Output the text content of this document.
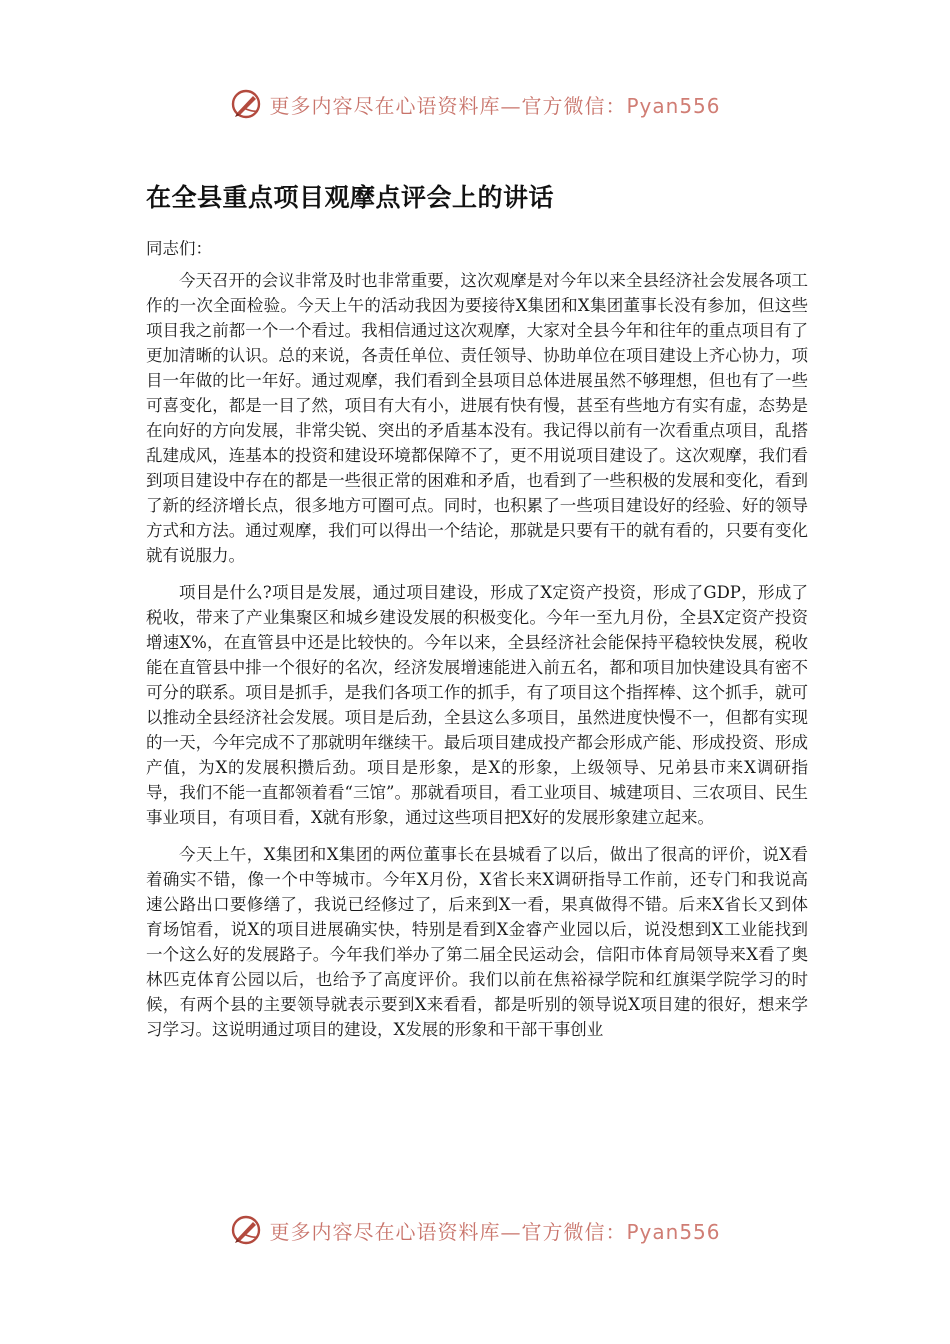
更多内容尽在心语资料库—官方微信：Pyan556
在全县重点项目观摩点评会上的讲话

同志们：

今天召开的会议非常及时也非常重要，这次观摩是对今年以来全县经济社会发展各项工作的一次全面检验。今天上午的活动我因为要接待X集团和X集团董事长没有参加，但这些项目我之前都一个一个看过。我相信通过这次观摩，大家对全县今年和往年的重点项目有了更加清晰的认识。总的来说，各责任单位、责任领导、协助单位在项目建设上齐心协力，项目一年做的比一年好。通过观摩，我们看到全县项目总体进展虽然不够理想，但也有了一些可喜变化，都是一目了然，项目有大有小，进展有快有慢，甚至有些地方有实有虚，态势是在向好的方向发展，非常尖锐、突出的矛盾基本没有。我记得以前有一次看重点项目，乱搭乱建成风，连基本的投资和建设环境都保障不了，更不用说项目建设了。这次观摩，我们看到项目建设中存在的都是一些很正常的困难和矛盾，也看到了一些积极的发展和变化，看到了新的经济增长点，很多地方可圈可点。同时，也积累了一些项目建设好的经验、好的领导方式和方法。通过观摩，我们可以得出一个结论，那就是只要有干的就有看的，只要有变化就有说服力。

项目是什么?项目是发展，通过项目建设，形成了X定资产投资，形成了GDP，形成了税收，带来了产业集聚区和城乡建设发展的积极变化。今年一至九月份，全县X定资产投资增速X%，在直管县中还是比较快的。今年以来，全县经济社会能保持平稳较快发展，税收能在直管县中排一个很好的名次，经济发展增速能进入前五名，都和项目加快建设具有密不可分的联系。项目是抓手，是我们各项工作的抓手，有了项目这个指挥棒、这个抓手，就可以推动全县经济社会发展。项目是后劲，全县这么多项目，虽然进度快慢不一，但都有实现的一天，今年完成不了那就明年继续干。最后项目建成投产都会形成产能、形成投资、形成产值，为X的发展积攒后劲。项目是形象，是X的形象，上级领导、兄弟县市来X调研指导，我们不能一直都领着看“三馆”。那就看项目，看工业项目、城建项目、三农项目、民生事业项目，有项目看，X就有形象，通过这些项目把X好的发展形象建立起来。

今天上午，X集团和X集团的两位董事长在县城看了以后，做出了很高的评价，说X看着确实不错，像一个中等城市。今年X月份，X省长来X调研指导工作前，还专门和我说高速公路出口要修缮了，我说已经修过了，后来到X一看，果真做得不错。后来X省长又到体育场馆看，说X的项目进展确实快，特别是看到X金睿产业园以后，说没想到X工业能找到一个这么好的发展路子。今年我们举办了第二届全民运动会，信阳市体育局领导来X看了奥林匹克体育公园以后，也给予了高度评价。我们以前在焦裕禄学院和红旗渠学院学习的时候，有两个县的主要领导就表示要到X来看看，都是听别的领导说X项目建的很好，想来学习学习。这说明通过项目的建设，X发展的形象和干部干事创业

更多内容尽在心语资料库—官方微信：Pyan556
